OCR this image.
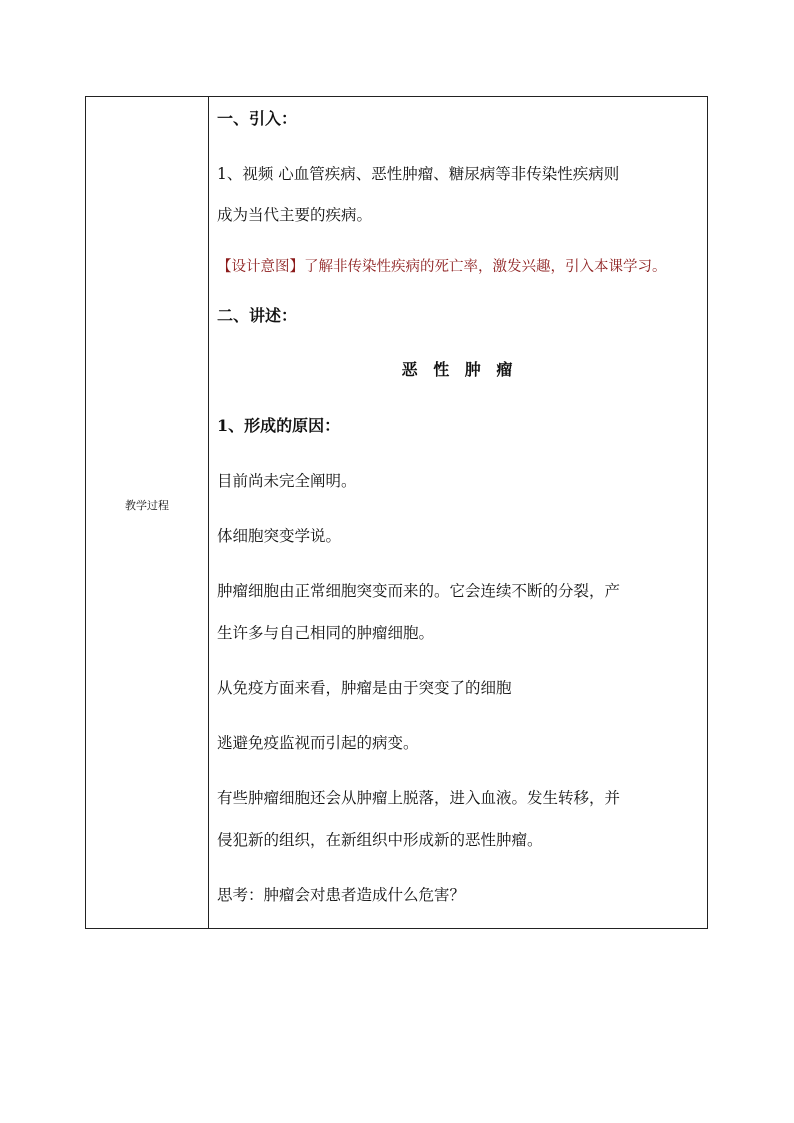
教学过程
一、引入：
1、视频 心血管疾病、恶性肿瘤、糖尿病等非传染性疾病则
成为当代主要的疾病。
【设计意图】了解非传染性疾病的死亡率，激发兴趣，引入本课学习。
二、讲述：
恶 性 肿 瘤
1、形成的原因：
目前尚未完全阐明。
体细胞突变学说。
肿瘤细胞由正常细胞突变而来的。它会连续不断的分裂，产
生许多与自己相同的肿瘤细胞。
从免疫方面来看，肿瘤是由于突变了的细胞
逃避免疫监视而引起的病变。
有些肿瘤细胞还会从肿瘤上脱落，进入血液。发生转移，并
侵犯新的组织，在新组织中形成新的恶性肿瘤。
思考：肿瘤会对患者造成什么危害？
